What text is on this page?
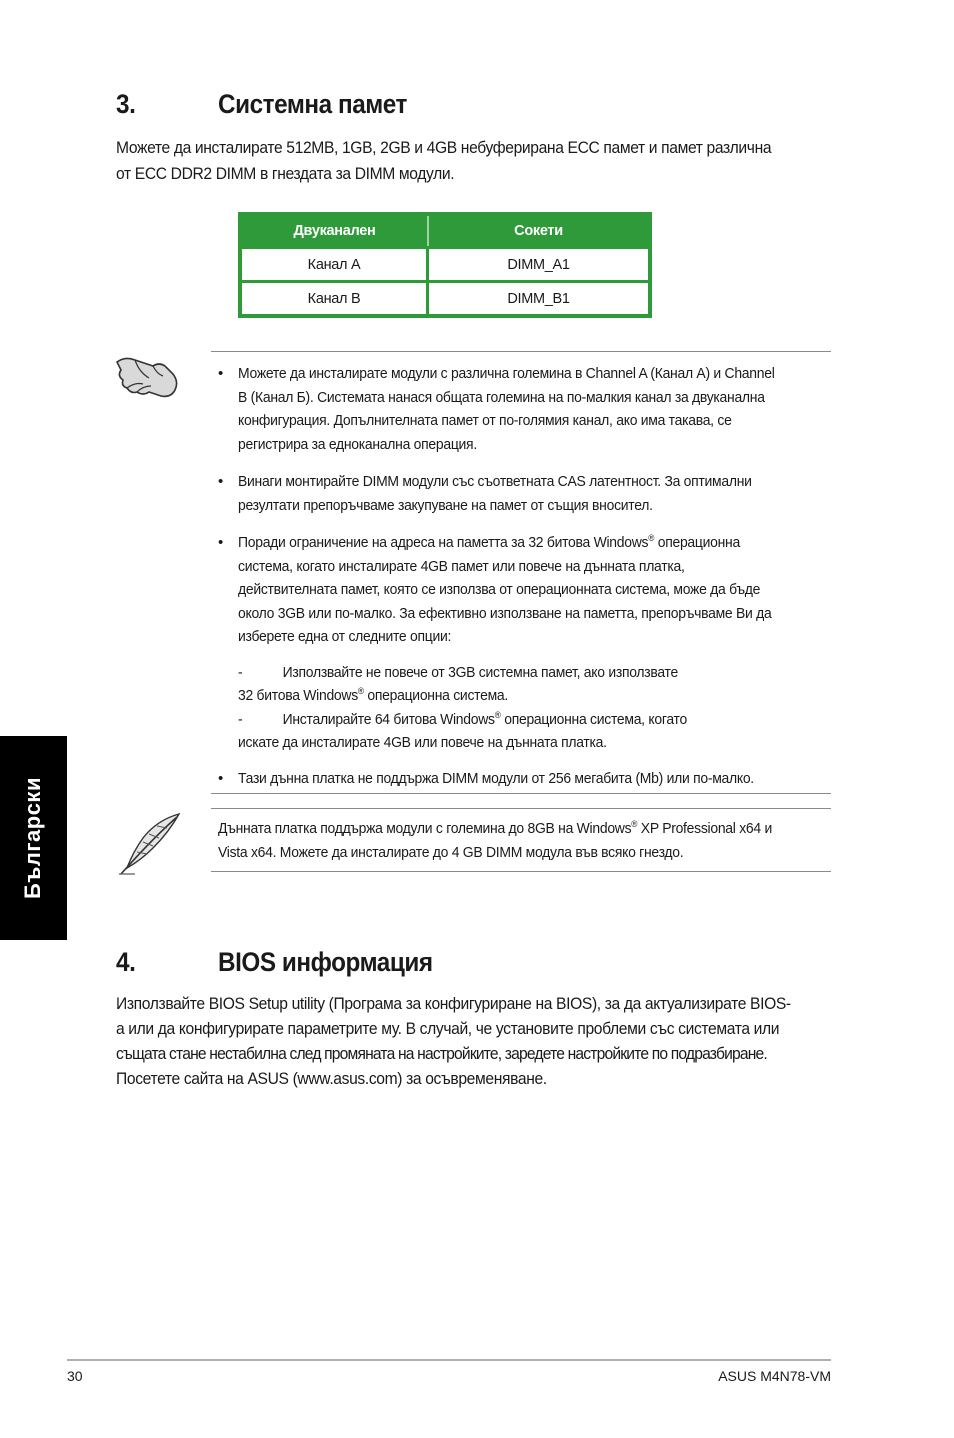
3.	Системна памет
Можете да инсталирате 512MB, 1GB, 2GB и 4GB небуферирана ECC памет и памет различна
от ECC DDR2 DIMM в гнездата за DIMM модули.
Двуканален	Сокети
Канал A	DIMM_A1
Канал B	DIMM_B1
• Можете да инсталирате модули с различна големина в Channel A (Канал A) и Channel
B (Канал Б). Системата нанася общата големина на по-малкия канал за двуканална
конфигурация. Допълнителната памет от по-голямия канал, ако има такава, се
регистрира за едноканална операция.
• Винаги монтирайте DIMM модули със съответната CAS латентност. За оптимални
резултати препоръчваме закупуване на памет от същия вносител.
• Поради ограничение на адреса на паметта за 32 битова Windows® операционна
система, когато инсталирате 4GB памет или повече на дънната платка,
действителната памет, която се използва от операционната система, може да бъде
около 3GB или по-малко. За ефективно използване на паметта, препоръчваме Ви да
изберете една от следните опции:
-	Използвайте не повече от 3GB системна памет, ако използвате
32 битова Windows® операционна система.
-	Инсталирайте 64 битова Windows® операционна система, когато
искате да инсталирате 4GB или повече на дънната платка.
• Тази дънна платка не поддържа DIMM модули от 256 мегабита (Mb) или по-малко.
Дънната платка поддържа модули с големина до 8GB на Windows® XP Professional x64 и
Vista x64. Можете да инсталирате до 4 GB DIMM модула във всяко гнездо.
Български
4.	BIOS информация
Използвайте BIOS Setup utility (Програма за конфигуриране на BIOS), за да актуализирате BIOS-
а или да конфигурирате параметрите му. В случай, че установите проблеми със системата или
същата стане нестабилна след промяната на настройките, заредете настройките по подразбиране.
Посетете сайта на ASUS (www.asus.com) за осъвременяване.
30	ASUS M4N78-VM
